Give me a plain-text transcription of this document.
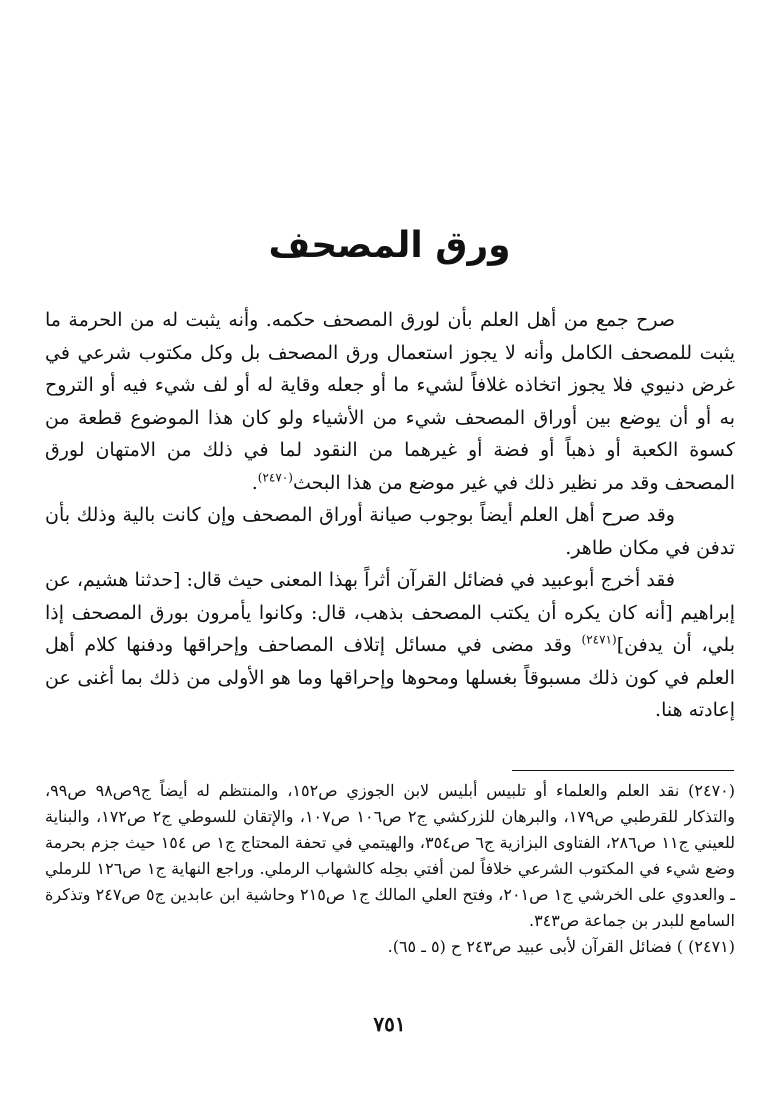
ورق المصحف

صرح جمع من أهل العلم بأن لورق المصحف حكمه. وأنه يثبت له من الحرمة ما يثبت للمصحف الكامل وأنه لا يجوز استعمال ورق المصحف بل وكل مكتوب شرعي في غرض دنيوي فلا يجوز اتخاذه غلافاً لشيء ما أو جعله وقاية له أو لف شيء فيه أو التروح به أو أن يوضع بين أوراق المصحف شيء من الأشياء ولو كان هذا الموضوع قطعة من كسوة الكعبة أو ذهباً أو فضة أو غيرهما من النقود لما في ذلك من الامتهان لورق المصحف وقد مر نظير ذلك في غير موضع من هذا البحث$^{(٢٤٧٠)}$.

وقد صرح أهل العلم أيضاً بوجوب صيانة أوراق المصحف وإن كانت بالية وذلك بأن تدفن في مكان طاهر.

فقد أخرج أبوعبيد في فضائل القرآن أثراً بهذا المعنى حيث قال: [حدثنا هشيم، عن إبراهيم [أنه كان يكره أن يكتب المصحف بذهب، قال: وكانوا يأمرون بورق المصحف إذا بلي، أن يدفن]$^{(٢٤٧١)}$ وقد مضى في مسائل إتلاف المصاحف وإحراقها ودفنها كلام أهل العلم في كون ذلك مسبوقاً بغسلها ومحوها وإحراقها وما هو الأولى من ذلك بما أغنى عن إعادته هنا.

(٢٤٧٠) نقد العلم والعلماء أو تلبيس أبليس لابن الجوزي ص١٥٢، والمنتظم له أيضاً ج٩ص٩٨ ص٩٩، والتذكار للقرطبي ص١٧٩، والبرهان للزركشي ج٢ ص١٠٦ ص١٠٧، والإتقان للسوطي ج٢ ص١٧٢، والبناية للعيني ج١١ ص٢٨٦، الفتاوى البزازية ج٦ ص٣٥٤، والهيتمي في تحفة المحتاج ج١ ص ١٥٤ حيث جزم بحرمة وضع شيء في المكتوب الشرعي خلافاً لمن أفتي بحِله كالشهاب الرملي. وراجع النهاية ج١ ص١٢٦ للرملي ـ والعدوي على الخرشي ج١ ص٢٠١، وفتح العلي المالك ج١ ص٢١٥ وحاشية ابن عابدين ج٥ ص٢٤٧ وتذكرة السامع للبدر بن جماعة ص٣٤٣.

(٢٤٧١) ) فضائل القرآن لأبى عبيد ص٢٤٣ ح (٥ ـ ٦٥).

٧٥١
